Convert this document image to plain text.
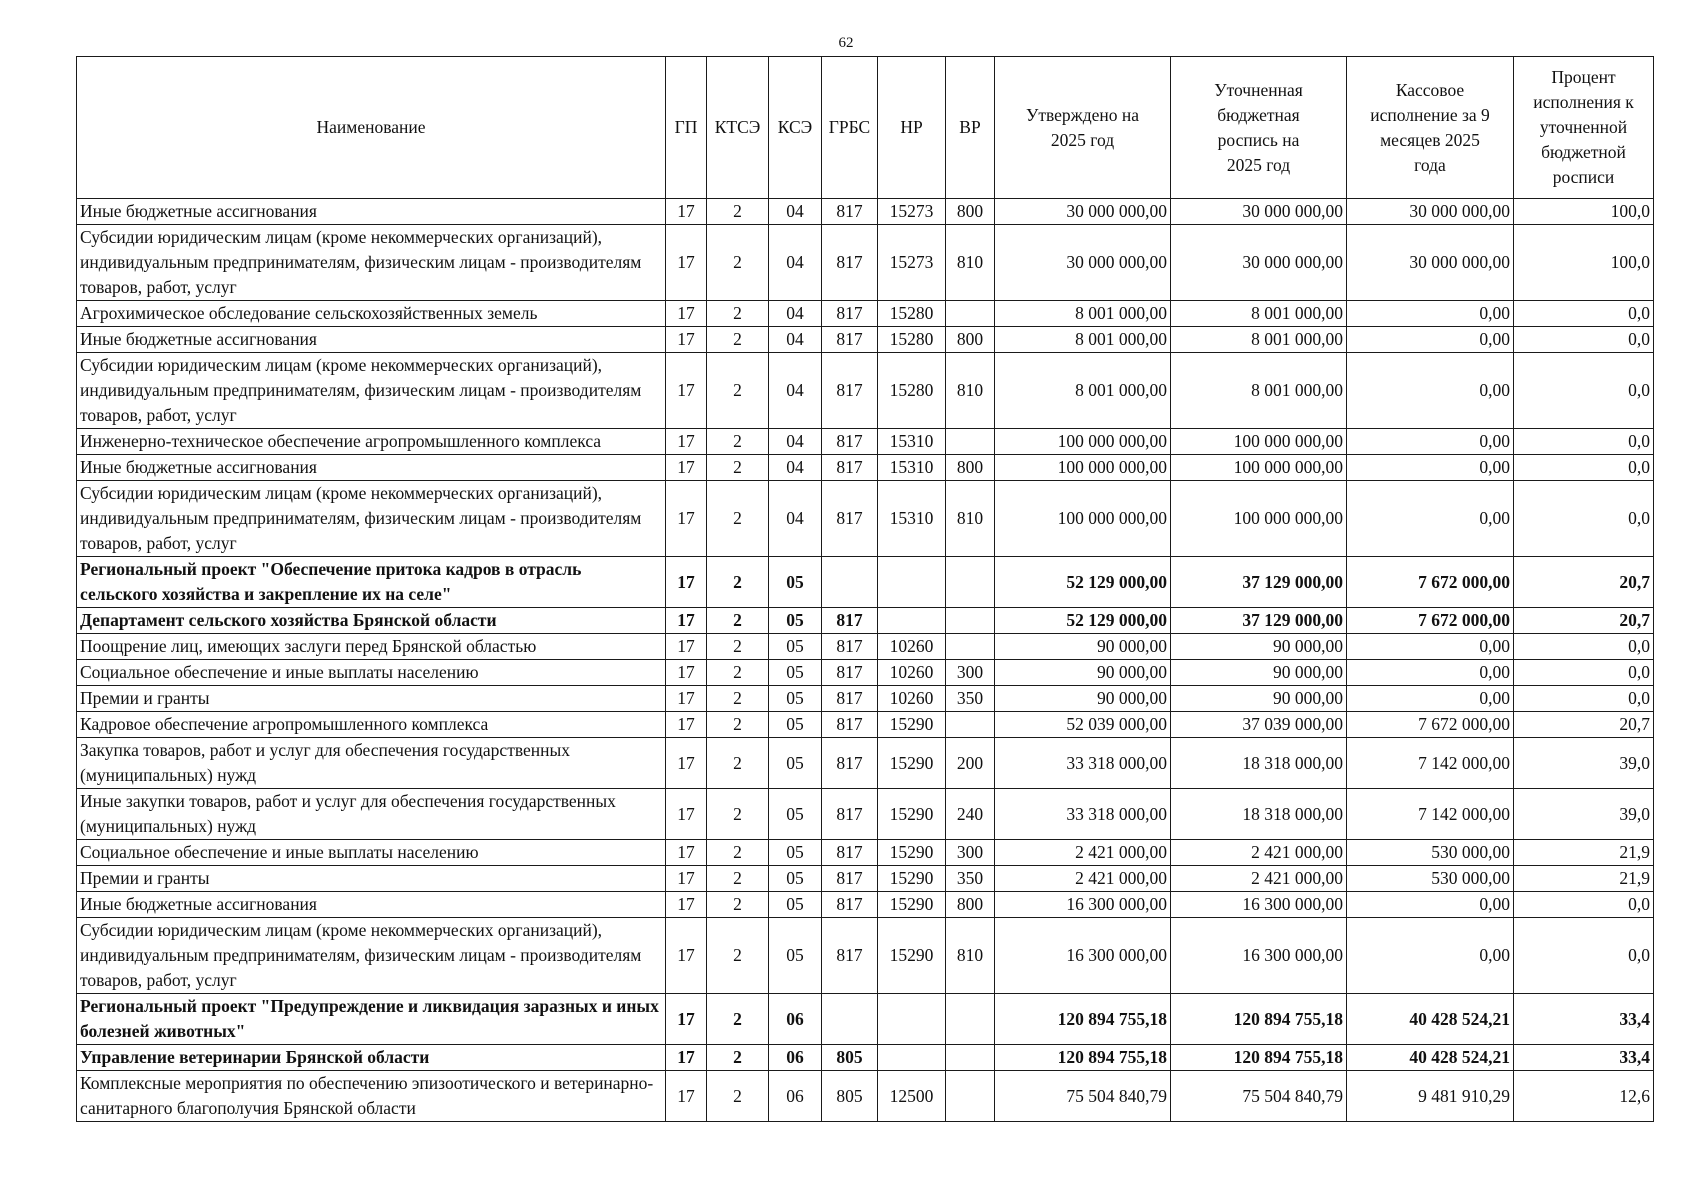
62
Наименование	ГП	КТСЭ	КСЭ	ГРБС	НР	ВР	Утверждено на 2025 год	Уточненная бюджетная роспись на 2025 год	Кассовое исполнение за 9 месяцев 2025 года	Процент исполнения к уточненной бюджетной росписи
Иные бюджетные ассигнования	17	2	04	817	15273	800	30 000 000,00	30 000 000,00	30 000 000,00	100,0
Субсидии юридическим лицам (кроме некоммерческих организаций), индивидуальным предпринимателям, физическим лицам - производителям товаров, работ, услуг	17	2	04	817	15273	810	30 000 000,00	30 000 000,00	30 000 000,00	100,0
Агрохимическое обследование сельскохозяйственных земель	17	2	04	817	15280		8 001 000,00	8 001 000,00	0,00	0,0
Иные бюджетные ассигнования	17	2	04	817	15280	800	8 001 000,00	8 001 000,00	0,00	0,0
Субсидии юридическим лицам (кроме некоммерческих организаций), индивидуальным предпринимателям, физическим лицам - производителям товаров, работ, услуг	17	2	04	817	15280	810	8 001 000,00	8 001 000,00	0,00	0,0
Инженерно-техническое обеспечение агропромышленного комплекса	17	2	04	817	15310		100 000 000,00	100 000 000,00	0,00	0,0
Иные бюджетные ассигнования	17	2	04	817	15310	800	100 000 000,00	100 000 000,00	0,00	0,0
Субсидии юридическим лицам (кроме некоммерческих организаций), индивидуальным предпринимателям, физическим лицам - производителям товаров, работ, услуг	17	2	04	817	15310	810	100 000 000,00	100 000 000,00	0,00	0,0
Региональный проект "Обеспечение притока кадров в отрасль сельского хозяйства и закрепление их на селе"	17	2	05				52 129 000,00	37 129 000,00	7 672 000,00	20,7
Департамент сельского хозяйства Брянской области	17	2	05	817			52 129 000,00	37 129 000,00	7 672 000,00	20,7
Поощрение лиц, имеющих заслуги перед Брянской областью	17	2	05	817	10260		90 000,00	90 000,00	0,00	0,0
Социальное обеспечение и иные выплаты населению	17	2	05	817	10260	300	90 000,00	90 000,00	0,00	0,0
Премии и гранты	17	2	05	817	10260	350	90 000,00	90 000,00	0,00	0,0
Кадровое обеспечение агропромышленного комплекса	17	2	05	817	15290		52 039 000,00	37 039 000,00	7 672 000,00	20,7
Закупка товаров, работ и услуг для обеспечения государственных (муниципальных) нужд	17	2	05	817	15290	200	33 318 000,00	18 318 000,00	7 142 000,00	39,0
Иные закупки товаров, работ и услуг для обеспечения государственных (муниципальных) нужд	17	2	05	817	15290	240	33 318 000,00	18 318 000,00	7 142 000,00	39,0
Социальное обеспечение и иные выплаты населению	17	2	05	817	15290	300	2 421 000,00	2 421 000,00	530 000,00	21,9
Премии и гранты	17	2	05	817	15290	350	2 421 000,00	2 421 000,00	530 000,00	21,9
Иные бюджетные ассигнования	17	2	05	817	15290	800	16 300 000,00	16 300 000,00	0,00	0,0
Субсидии юридическим лицам (кроме некоммерческих организаций), индивидуальным предпринимателям, физическим лицам - производителям товаров, работ, услуг	17	2	05	817	15290	810	16 300 000,00	16 300 000,00	0,00	0,0
Региональный проект "Предупреждение и ликвидация заразных и иных болезней животных"	17	2	06				120 894 755,18	120 894 755,18	40 428 524,21	33,4
Управление ветеринарии Брянской области	17	2	06	805			120 894 755,18	120 894 755,18	40 428 524,21	33,4
Комплексные мероприятия по обеспечению эпизоотического и ветеринарно-санитарного благополучия Брянской области	17	2	06	805	12500		75 504 840,79	75 504 840,79	9 481 910,29	12,6
